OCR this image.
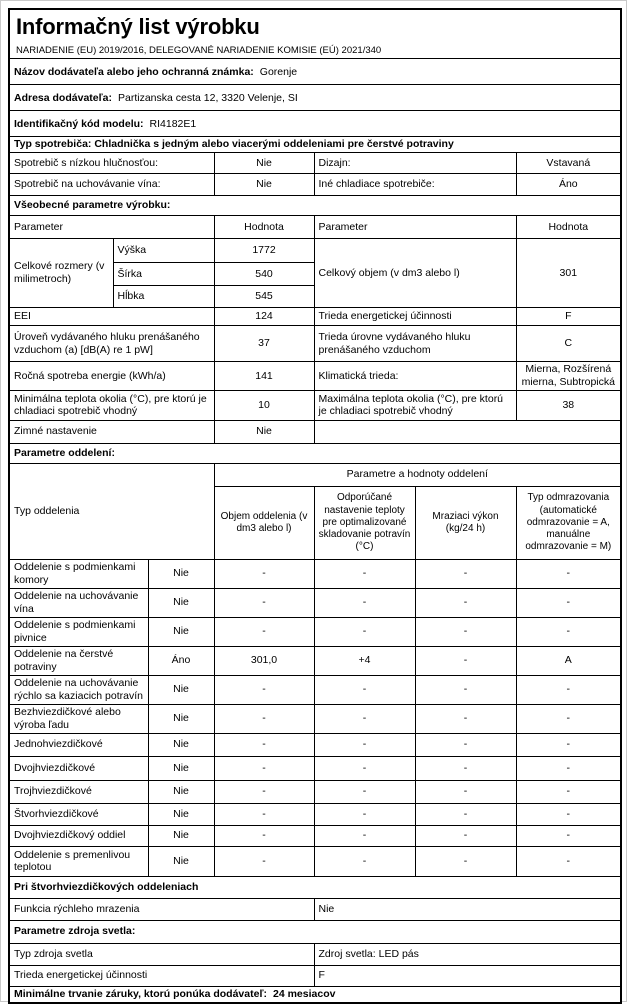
Informačný list výrobku
NARIADENIE (EU) 2019/2016, DELEGOVANÉ NARIADENIE KOMISIE (EÚ) 2021/340						

Názov dodávateľa alebo jeho ochranná známka: Gorenje						
Adresa dodávateľa: Partizanska cesta 12, 3320 Velenje, SI						
Identifikačný kód modelu: RI4182E1						
Typ spotrebiča: Chladnička s jedným alebo viacerými oddeleniami pre čerstvé potraviny						
Spotrebič s nízkou hlučnosťou:			Nie	Dizajn:		Vstavaná
Spotrebič na uchovávanie vína:			Nie	Iné chladiace spotrebiče:		Áno
Všeobecné parametre výrobku:						
Parameter			Hodnota	Parameter		Hodnota
Celkové rozmery (v milimetroch)	Výška		1772	Celkový objem (v dm3 alebo l)		301
	Šírka		540			
	Hĺbka		545			
EEI			124	Trieda energetickej účinnosti		F
Úroveň vydávaného hluku prenášaného vzduchom (a) [dB(A) re 1 pW]			37	Trieda úrovne vydávaného hluku prenášaného vzduchom		C
Ročná spotreba energie (kWh/a)			141	Klimatická trieda:		Mierna, Rozšírená mierna, Subtropická
Minimálna teplota okolia (°C), pre ktorú je chladiaci spotrebič vhodný			10	Maximálna teplota okolia (°C), pre ktorú je chladiaci spotrebič vhodný		38
Zimné nastavenie			Nie			
Parametre oddelení:						
Typ oddelenia			Parametre a hodnoty oddelení			
			Objem oddelenia (v dm3 alebo l)	Odporúčané nastavenie teploty pre optimalizované skladovanie potravín (°C)	Mraziaci výkon (kg/24 h)	Typ odmrazovania (automatické odmrazovanie = A, manuálne odmrazovanie = M)
Oddelenie s podmienkami komory		Nie	-	-	-	-
Oddelenie na uchovávanie vína		Nie	-	-	-	-
Oddelenie s podmienkami pivnice		Nie	-	-	-	-
Oddelenie na čerstvé potraviny		Áno	301,0	+4	-	A
Oddelenie na uchovávanie rýchlo sa kaziacich potravín		Nie	-	-	-	-
Bezhviezdičkové alebo výroba ľadu		Nie	-	-	-	-
Jednohviezdičkové		Nie	-	-	-	-
Dvojhviezdičkové		Nie	-	-	-	-
Trojhviezdičkové		Nie	-	-	-	-
Štvorhviezdičkové		Nie	-	-	-	-
Dvojhviezdičkový oddiel		Nie	-	-	-	-
Oddelenie s premenlivou teplotou		Nie	-	-	-	-
Pri štvorhviezdičkových oddeleniach						
Funkcia rýchleho mrazenia				Nie		
Parametre zdroja svetla:						
Typ zdroja svetla				Zdroj svetla: LED pás		
Trieda energetickej účinnosti				F		
Minimálne trvanie záruky, ktorú ponúka dodávateľ: 24 mesiacov						
